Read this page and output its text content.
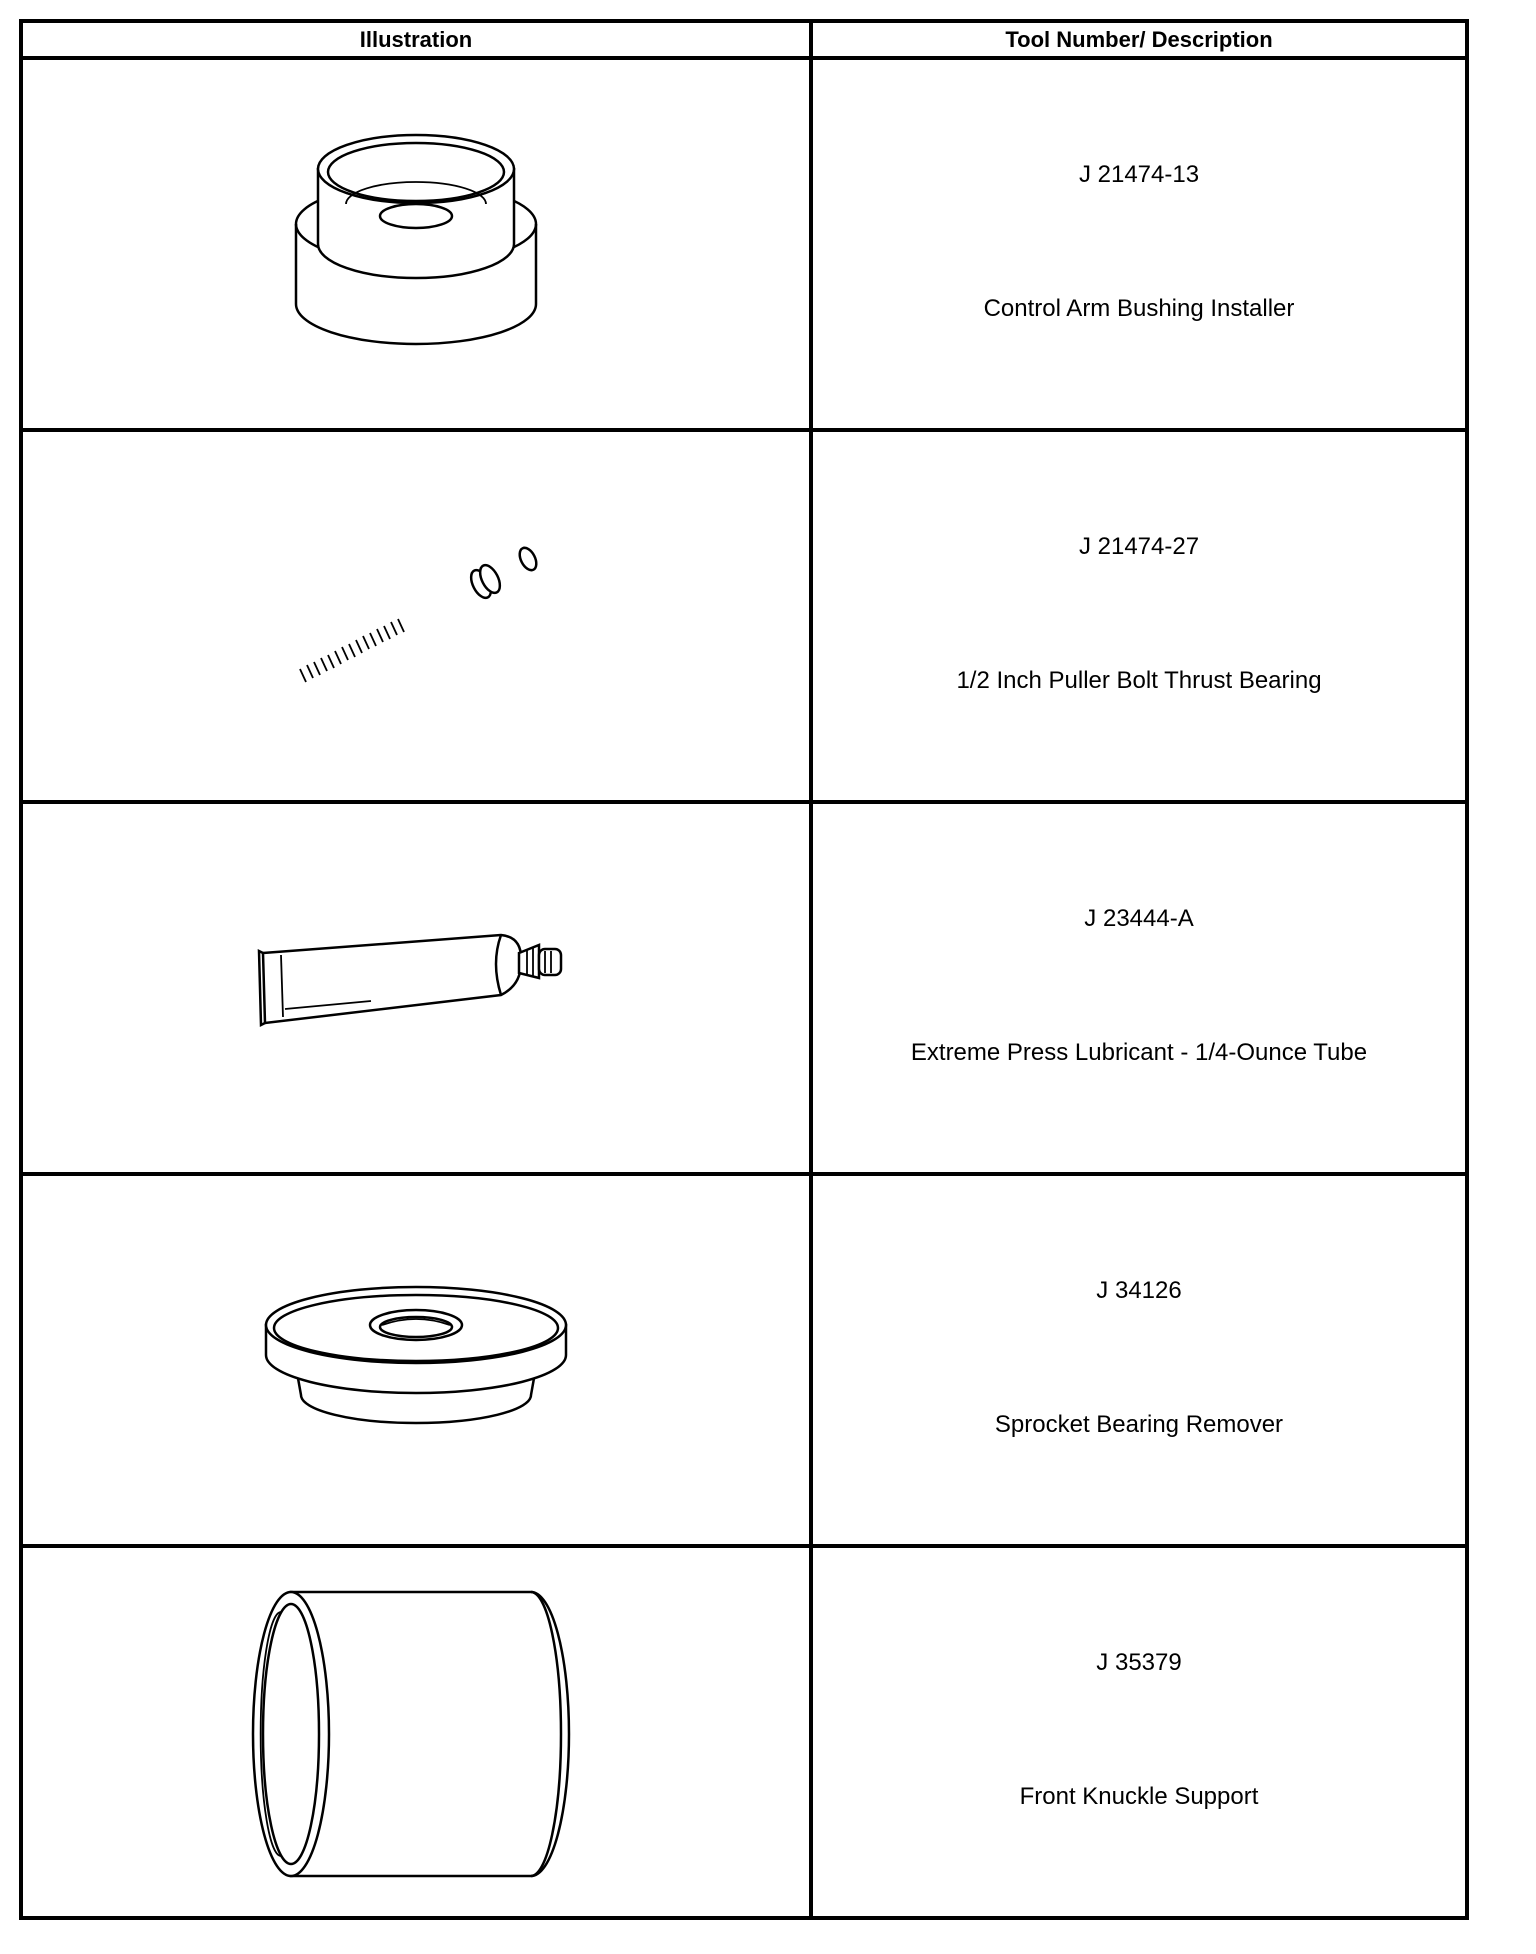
Illustration	Tool Number/ Description

J 21474-13
Control Arm Bushing Installer

J 21474-27
1/2 Inch Puller Bolt Thrust Bearing

J 23444-A
Extreme Press Lubricant - 1/4-Ounce Tube

J 34126
Sprocket Bearing Remover

J 35379
Front Knuckle Support
